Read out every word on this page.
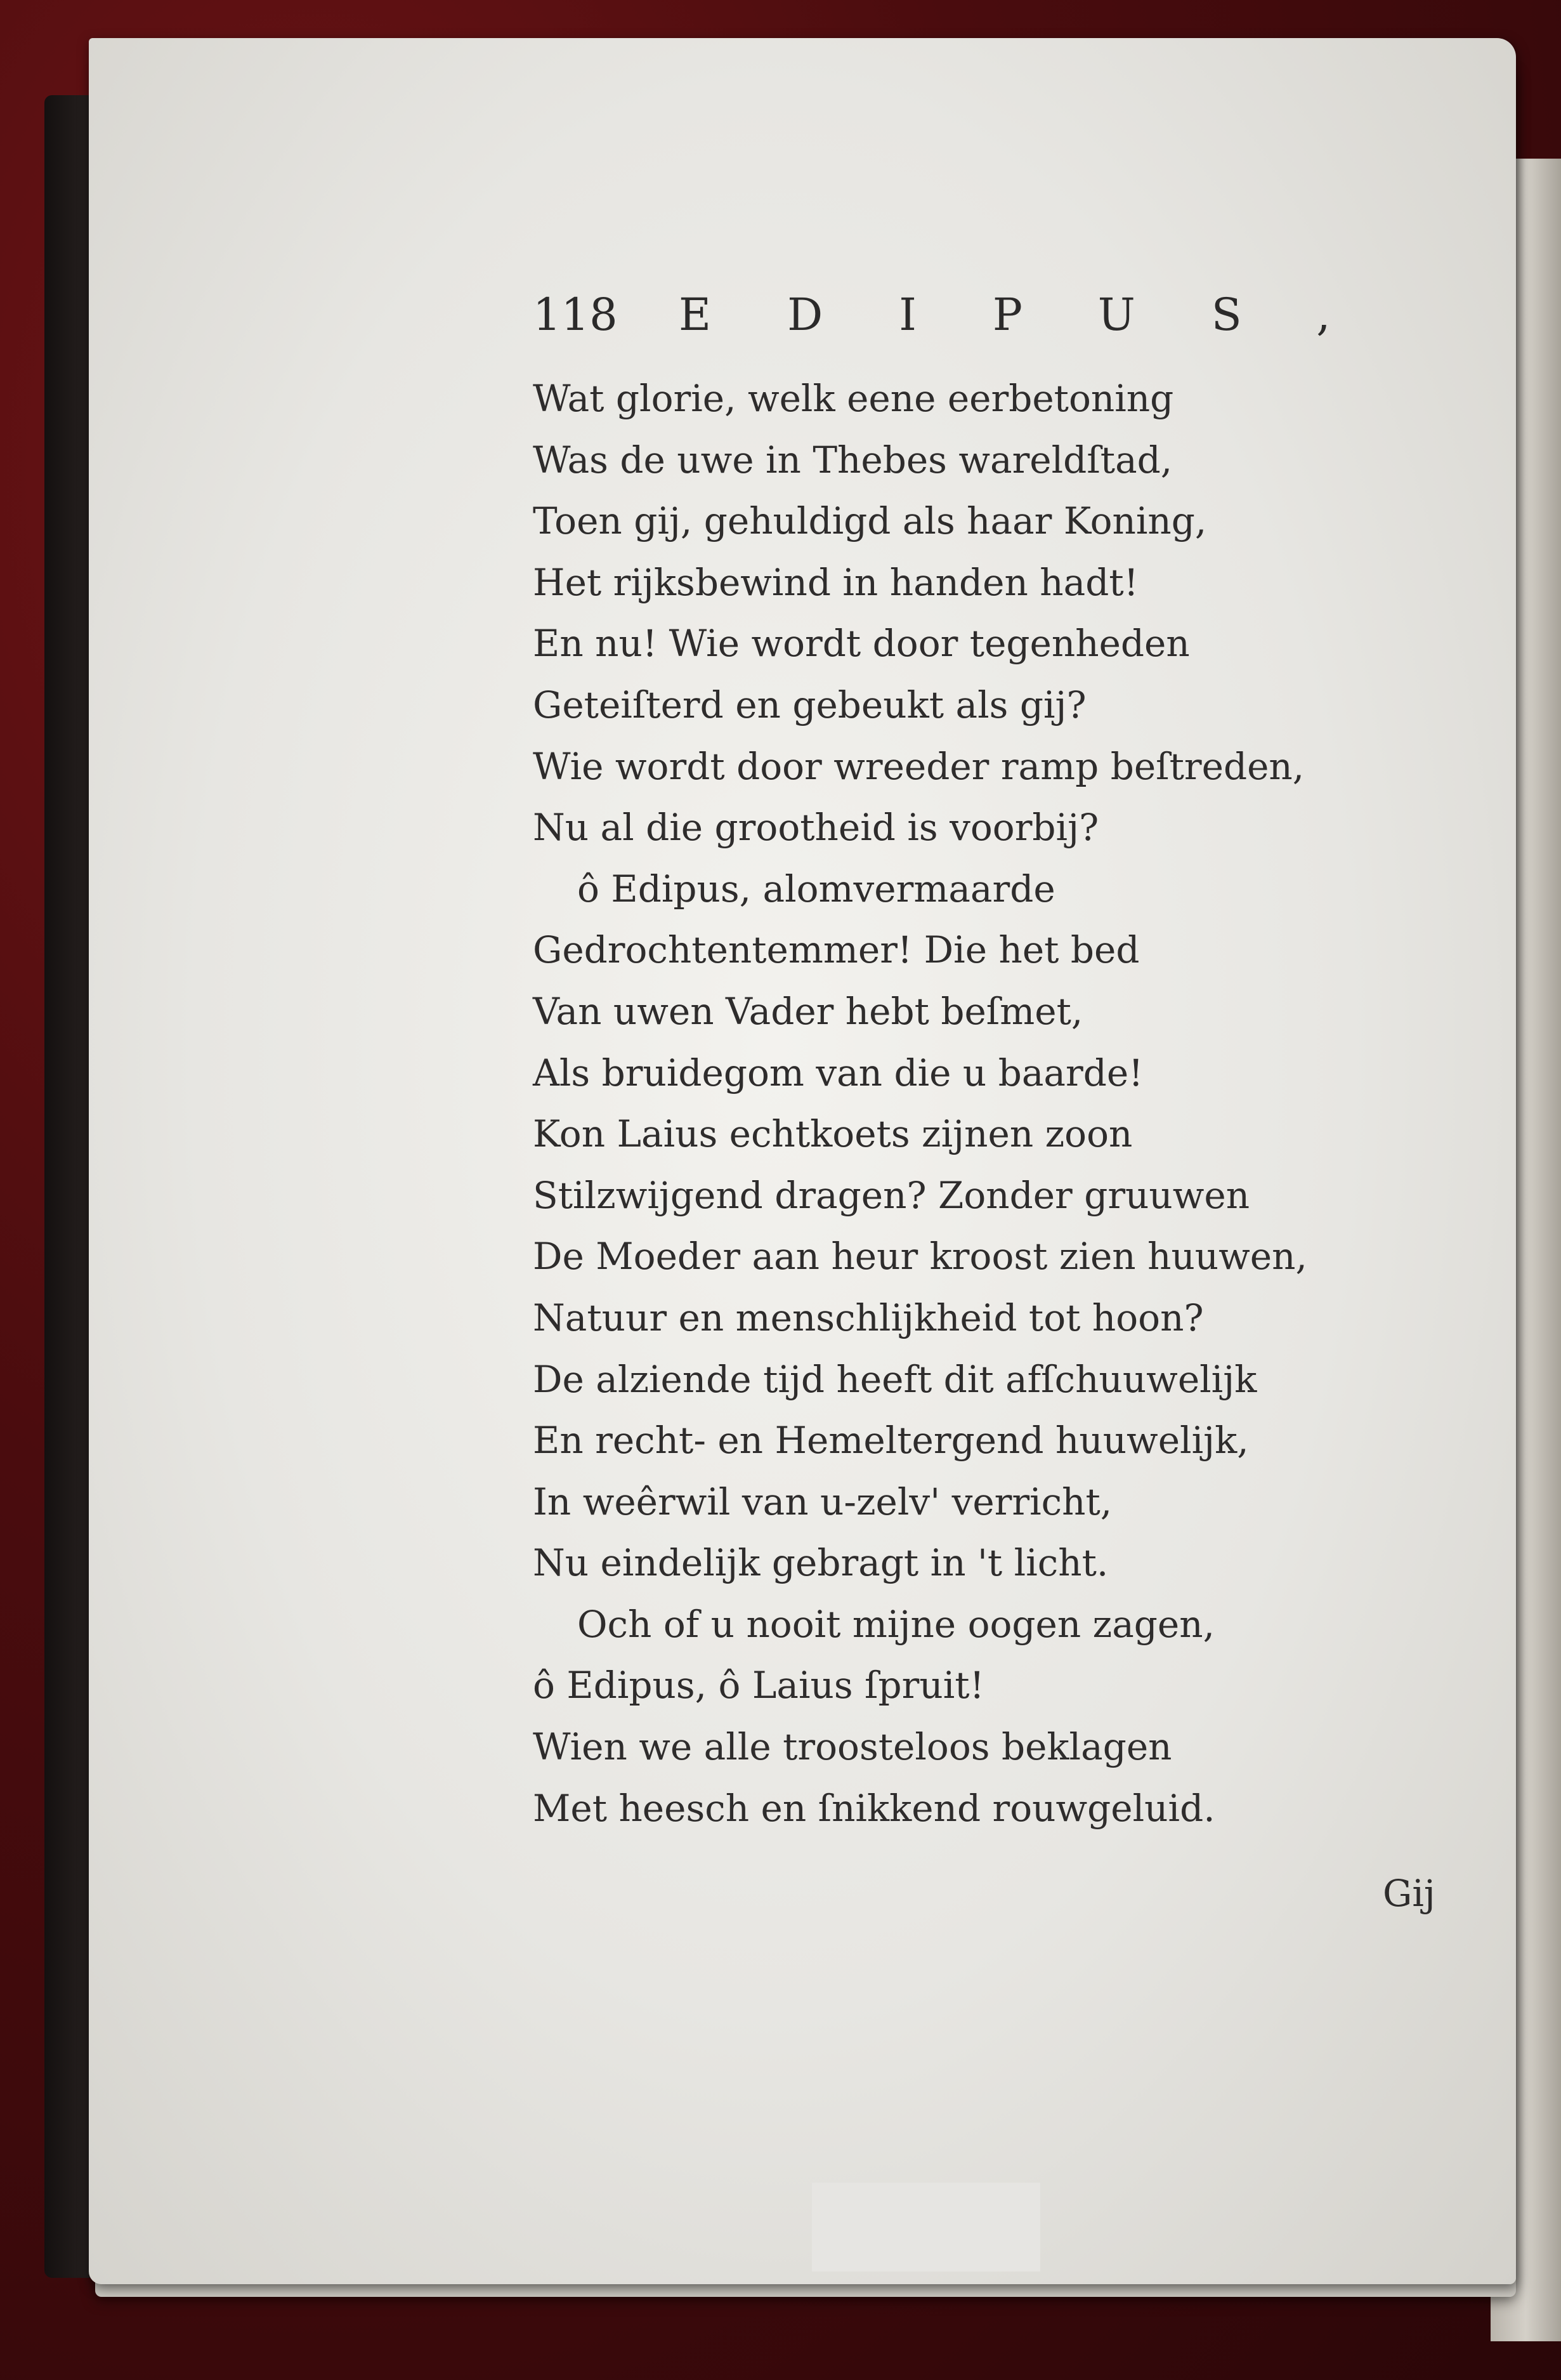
118 EDIPUS,
Wat glorie, welk eene eerbetoning
Was de uwe in Thebes wareldſtad,
Toen gij, gehuldigd als haar Koning,
Het rijksbewind in handen hadt!
En nu! Wie wordt door tegenheden
Geteiſterd en gebeukt als gij?
Wie wordt door wreeder ramp beſtreden,
Nu al die grootheid is voorbij?
ô Edipus, alomvermaarde
Gedrochtentemmer! Die het bed
Van uwen Vader hebt beſmet,
Als bruidegom van die u baarde!
Kon Laius echtkoets zijnen zoon
Stilzwijgend dragen? Zonder gruuwen
De Moeder aan heur kroost zien huuwen,
Natuur en menschlijkheid tot hoon?
De alziende tijd heeft dit afſchuuwelijk
En recht- en Hemeltergend huuwelijk,
In weêrwil van u-zelv' verricht,
Nu eindelijk gebragt in 't licht.
Och of u nooit mijne oogen zagen,
ô Edipus, ô Laius ſpruit!
Wien we alle troosteloos beklagen
Met heesch en ſnikkend rouwgeluid.
Gij
